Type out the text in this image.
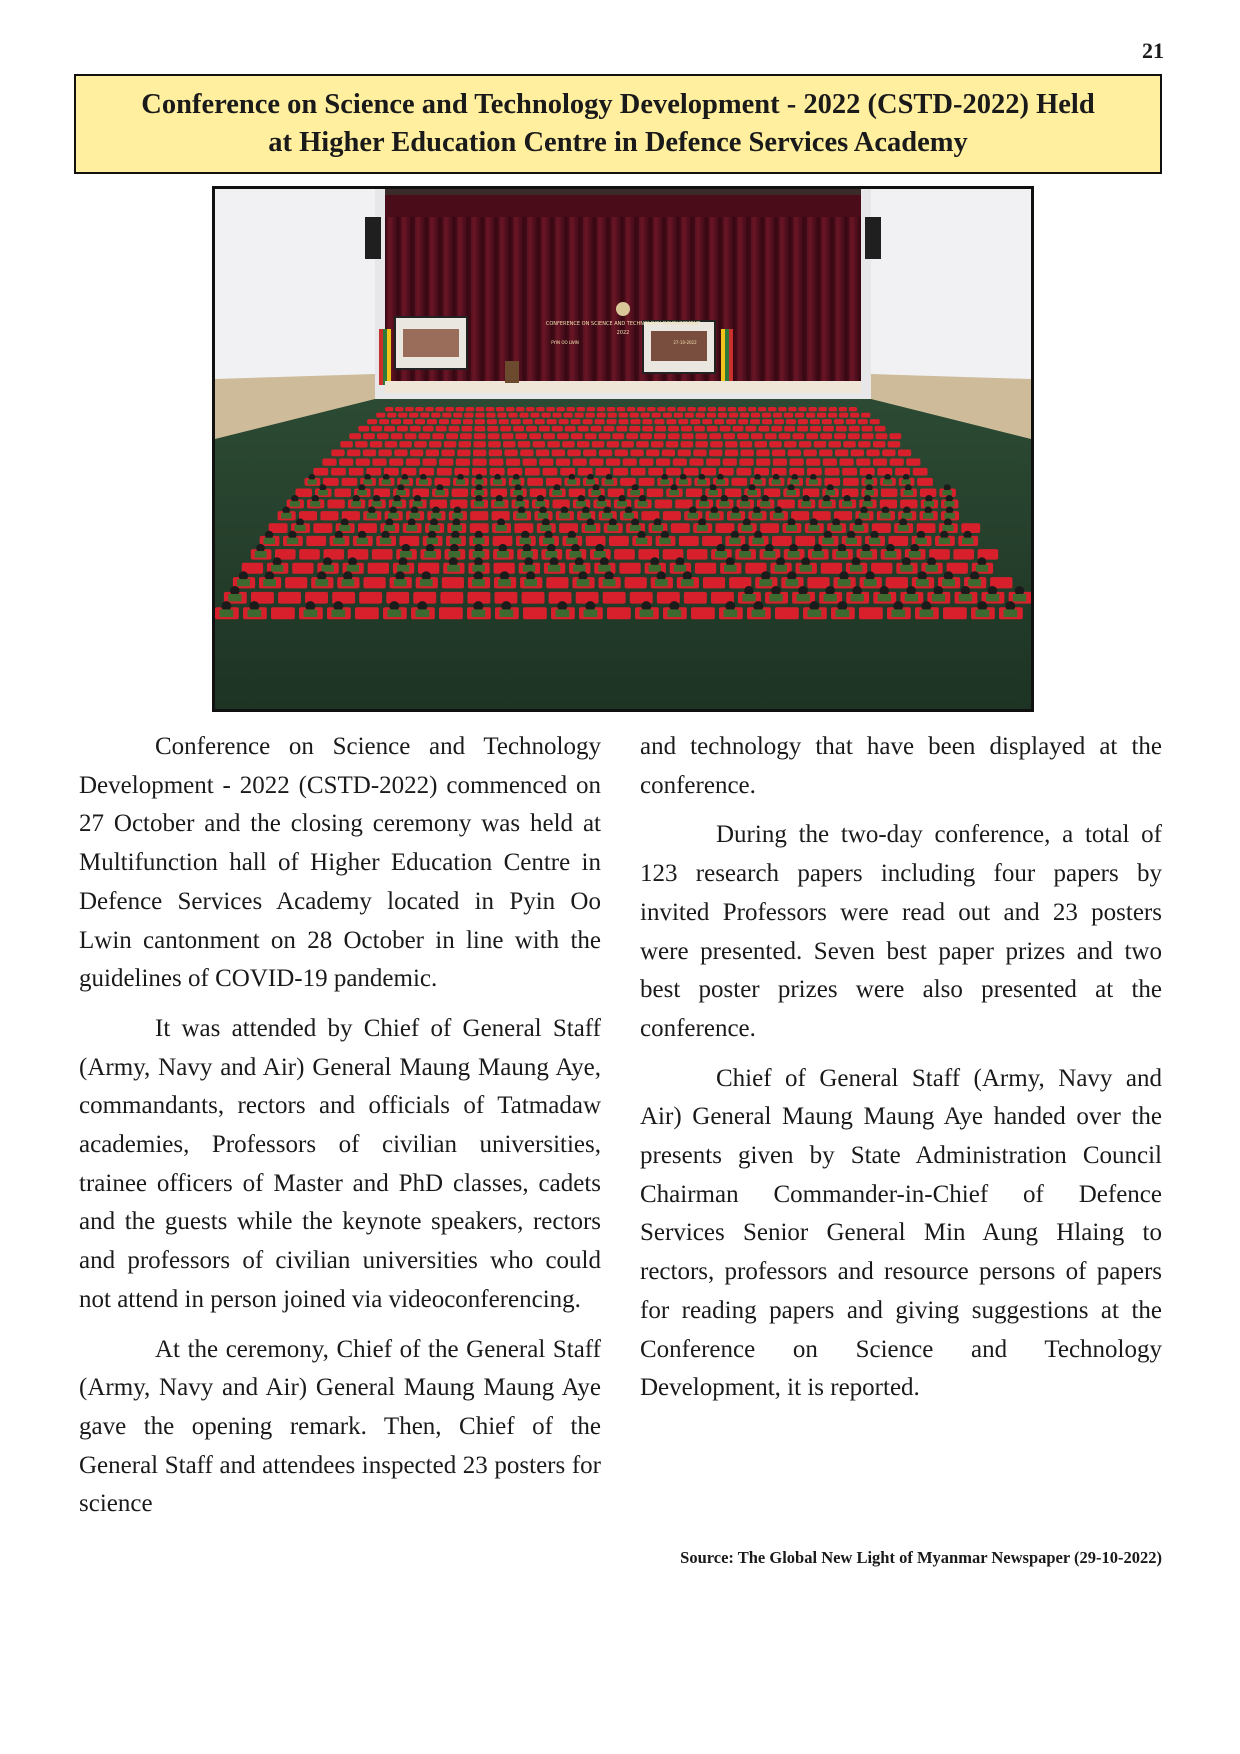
21
Conference on Science and Technology Development - 2022 (CSTD-2022) Held
at Higher Education Centre in Defence Services Academy
CONFERENCE ON SCIENCE AND TECHNOLOGY DEVELOPMENT
2022
PYIN OO LWIN	27-10-2022

Conference on Science and Technology Development - 2022 (CSTD-2022) commenced on 27 October and the closing ceremony was held at Multifunction hall of Higher Education Centre in Defence Services Academy located in Pyin Oo Lwin cantonment on 28 October in line with the guidelines of COVID-19 pandemic.

It was attended by Chief of General Staff (Army, Navy and Air) General Maung Maung Aye, commandants, rectors and officials of Tatmadaw academies, Professors of civilian universities, trainee officers of Master and PhD classes, cadets and the guests while the keynote speakers, rectors and professors of civilian universities who could not attend in person joined via videoconferencing.

At the ceremony, Chief of the General Staff (Army, Navy and Air) General Maung Maung Aye gave the opening remark. Then, Chief of the General Staff and attendees inspected 23 posters for science

and technology that have been displayed at the conference.

During the two-day conference, a total of 123 research papers including four papers by invited Professors were read out and 23 posters were presented. Seven best paper prizes and two best poster prizes were also presented at the conference.

Chief of General Staff (Army, Navy and Air) General Maung Maung Aye handed over the presents given by State Administration Council Chairman Commander-in-Chief of Defence Services Senior General Min Aung Hlaing to rectors, professors and resource persons of papers for reading papers and giving suggestions at the Conference on Science and Technology Development, it is reported.

Source: The Global New Light of Myanmar Newspaper (29-10-2022)
